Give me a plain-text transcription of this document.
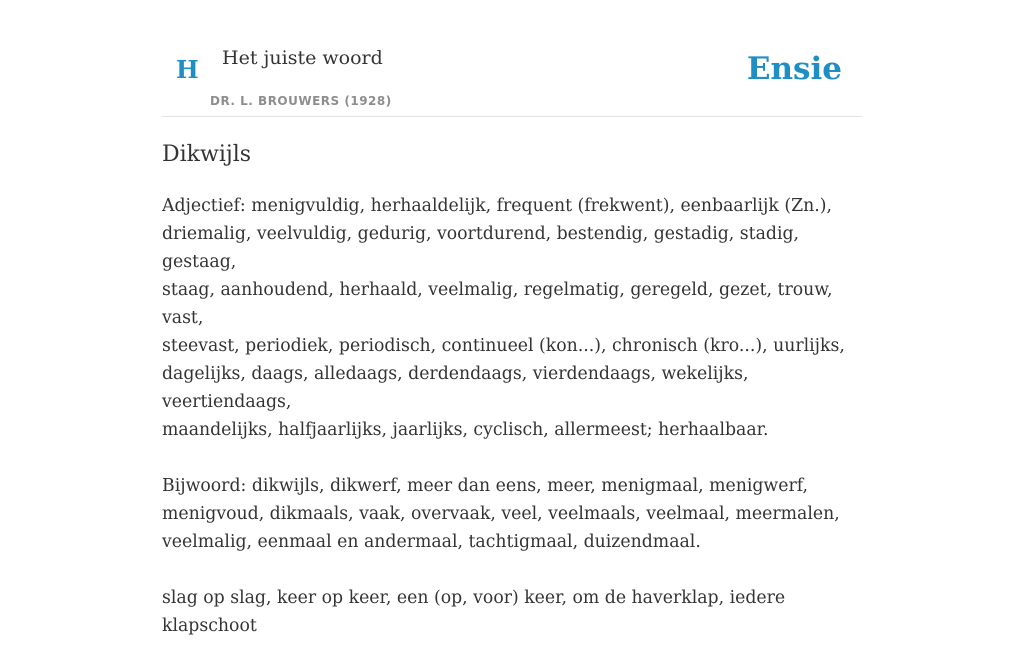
H Het juiste woord
DR. L. BROUWERS (1928)
Ensie
Dikwijls

Adjectief: menigvuldig, herhaaldelijk, frequent (frekwent), eenbaarlijk (Zn.),
driemalig, veelvuldig, gedurig, voortdurend, bestendig, gestadig, stadig, gestaag,
staag, aanhoudend, herhaald, veelmalig, regelmatig, geregeld, gezet, trouw, vast,
steevast, periodiek, periodisch, continueel (kon...), chronisch (kro...), uurlijks,
dagelijks, daags, alledaags, derdendaags, vierdendaags, wekelijks, veertiendaags,
maandelijks, halfjaarlijks, jaarlijks, cyclisch, allermeest; herhaalbaar.

Bijwoord: dikwijls, dikwerf, meer dan eens, meer, menigmaal, menigwerf,
menigvoud, dikmaals, vaak, overvaak, veel, veelmaals, veelmaal, meermalen,
veelmalig, eenmaal en andermaal, tachtigmaal, duizendmaal.

slag op slag, keer op keer, een (op, voor) keer, om de haverklap, iedere klapschoot
